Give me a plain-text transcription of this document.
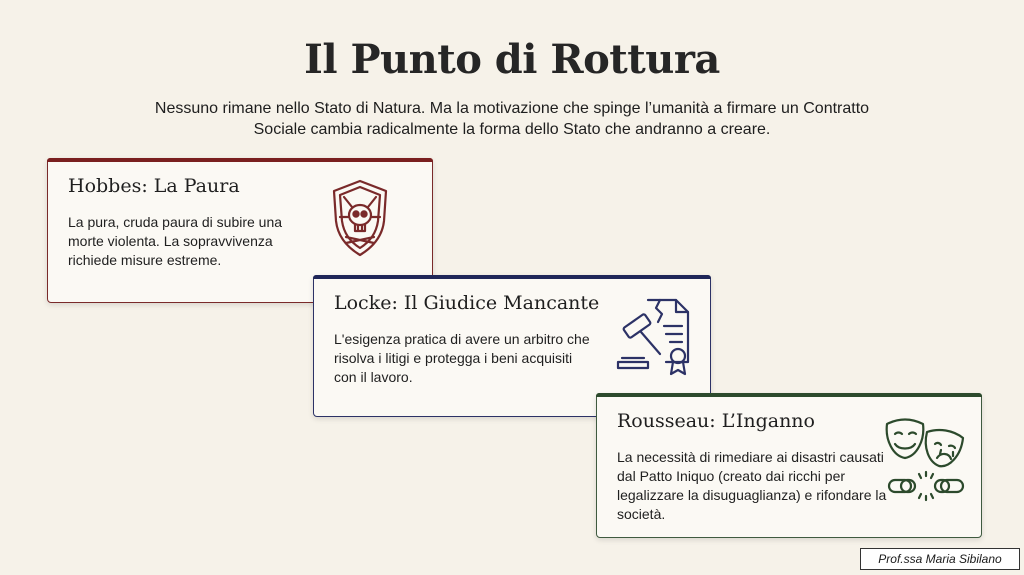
Il Punto di Rottura
Nessuno rimane nello Stato di Natura. Ma la motivazione che spinge l’umanità a firmare un Contratto Sociale cambia radicalmente la forma dello Stato che andranno a creare.
Hobbes: La Paura

La pura, cruda paura di subire una morte violenta. La sopravvivenza richiede misure estreme.

Locke: Il Giudice Mancante

L'esigenza pratica di avere un arbitro che risolva i litigi e protegga i beni acquisiti con il lavoro.

Rousseau: L’Inganno

La necessità di rimediare ai disastri causati dal Patto Iniquo (creato dai ricchi per legalizzare la disuguaglianza) e rifondare la società.

Prof.ssa Maria Sibilano
